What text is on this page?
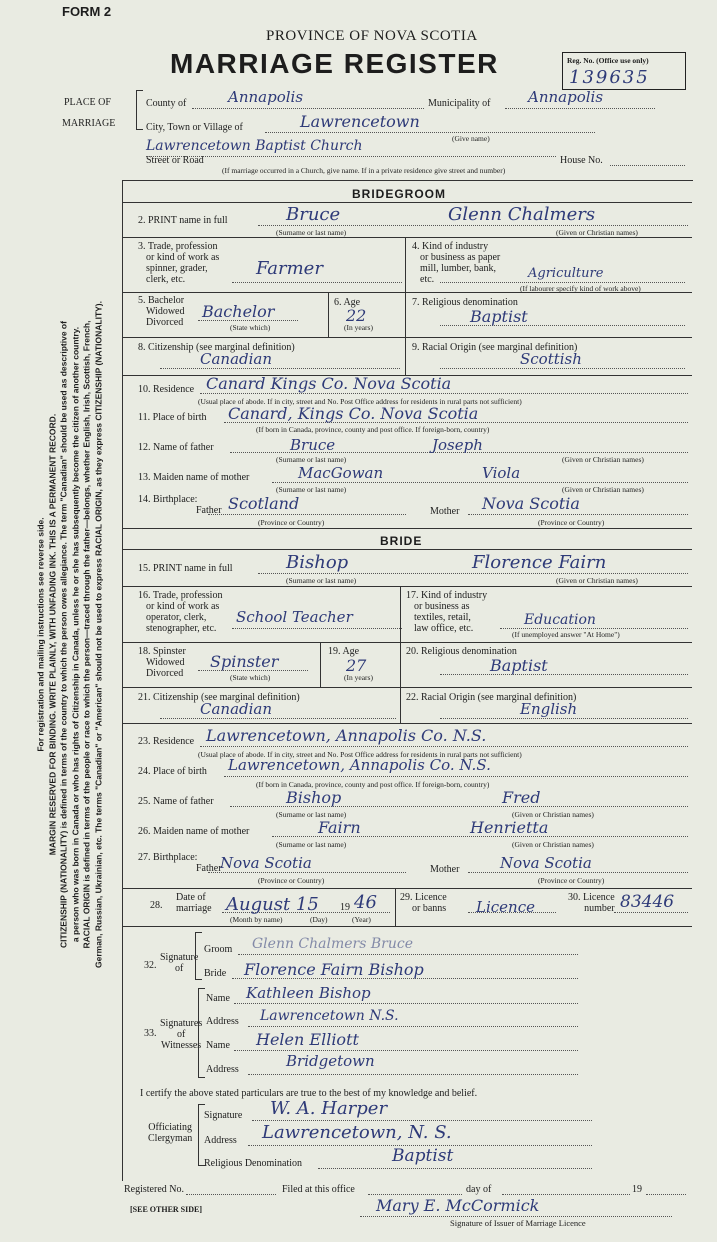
FORM 2
PROVINCE OF NOVA SCOTIA
MARRIAGE REGISTER	Reg. No. (Office use only)
139635
PLACE OF
MARRIAGE
County of	Annapolis	Municipality of	Annapolis
City, Town or Village of	Lawrencetown
(Give name)
Lawrencetown Baptist Church
Street or Road	House No.
(If marriage occurred in a Church, give name. If in a private residence give street and number)
For registration and mailing instructions see reverse side. MARGIN RESERVED FOR BINDING. WRITE PLAINLY, WITH UNFADING INK. THIS IS A PERMANENT RECORD. CITIZENSHIP (NATIONALITY) is defined in terms of the country to which the person owes allegiance. The term "Canadian" should be used as descriptive of a person who was born in Canada or who has rights of Citizenship in Canada, unless he or she has subsequently become the citizen of another country. RACIAL ORIGIN is defined in terms of the people or race to which the person—traced through the father—belongs, whether English, Irish, Scottish, French, German, Russian, Ukrainian, etc. The terms "Canadian" or "American" should not be used to express RACIAL ORIGIN, as they express CITIZENSHIP (NATIONALITY).
BRIDEGROOM
2. PRINT name in full	Bruce	Glenn Chalmers
(Surname or last name)	(Given or Christian names)
3. Trade, profession
or kind of work as
spinner, grader,
clerk, etc.
Farmer
4. Kind of industry
or business as paper
mill, lumber, bank,
etc.	Agriculture
(If labourer specify kind of work above)
5. Bachelor
Widowed
Divorced
Bachelor
(State which)
6. Age
22
(In years)
7. Religious denomination
Baptist
8. Citizenship (see marginal definition)
Canadian
9. Racial Origin (see marginal definition)
Scottish
10. Residence Canard Kings Co. Nova Scotia
(Usual place of abode. If in city, street and No. Post Office address for residents in rural parts not sufficient)
11. Place of birth Canard, Kings Co. Nova Scotia
(If born in Canada, province, county and post office. If foreign-born, country)
12. Name of father	Bruce	Joseph
(Surname or last name)	(Given or Christian names)
13. Maiden name of mother	MacGowan	Viola
(Surname or last name)	(Given or Christian names)
14. Birthplace:
Father Scotland	Mother Nova Scotia
(Province or Country)	(Province or Country)
BRIDE
15. PRINT name in full	Bishop	Florence Fairn
(Surname or last name)	(Given or Christian names)
16. Trade, profession
or kind of work as
operator, clerk,
stenographer, etc.
School Teacher
17. Kind of industry
or business as
textiles, retail,
law office, etc.
Education
(If unemployed answer "At Home")
18. Spinster
Widowed
Divorced
Spinster
(State which)
19. Age
27
(In years)
20. Religious denomination
Baptist
21. Citizenship (see marginal definition)
Canadian
22. Racial Origin (see marginal definition)
English
23. Residence Lawrencetown, Annapolis Co. N.S.
(Usual place of abode. If in city, street and No. Post Office address for residents in rural parts not sufficient)
24. Place of birth Lawrencetown, Annapolis Co. N.S.
(If born in Canada, province, county and post office. If foreign-born, country)
25. Name of father	Bishop	Fred
(Surname or last name)	(Given or Christian names)
26. Maiden name of mother	Fairn	Henrietta
(Surname or last name)	(Given or Christian names)
27. Birthplace:
Father
Nova Scotia	Mother	Nova Scotia
(Province or Country)	(Province or Country)
28.
Date of
marriage August 15 19 46
(Month by name)	(Day)	(Year)
29. Licence
or banns Licence
30. Licence
number 83446
32.
Signature
of
Groom Glenn Chalmers Bruce
Bride Florence Fairn Bishop
33.
Signatures
of
Witnesses
Name Kathleen Bishop
Address Lawrencetown N.S.
Name Helen Elliott
Address	Bridgetown
I certify the above stated particulars are true to the best of my knowledge and belief.
Officiating
Clergyman
Signature W. A. Harper
Address Lawrencetown, N. S.
Religious Denomination	Baptist
Registered No.	Filed at this office	day of	19
Mary E. McCormick
Signature of Issuer of Marriage Licence
[SEE OTHER SIDE]
